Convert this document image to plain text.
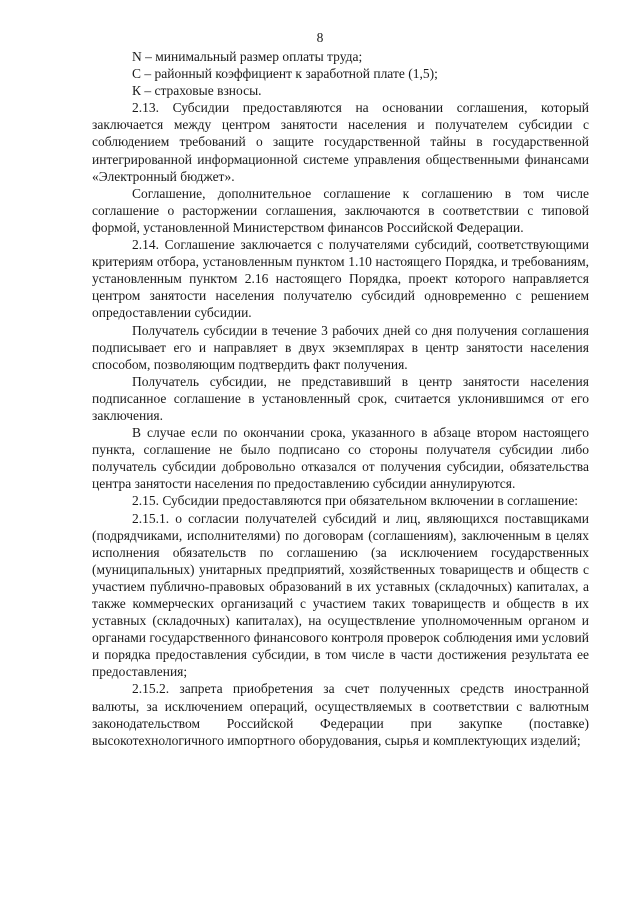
8

N – минимальный размер оплаты труда;

С – районный коэффициент к заработной плате (1,5);

К – страховые взносы.

2.13. Субсидии предоставляются на основании соглашения, который заключается между центром занятости населения и получателем субсидии с соблюдением требований о защите государственной тайны в государственной интегрированной информационной системе управления общественными финансами «Электронный бюджет».

Соглашение, дополнительное соглашение к соглашению в том числе соглашение о расторжении соглашения, заключаются в соответствии с типовой формой, установленной Министерством финансов Российской Федерации.

2.14. Соглашение заключается с получателями субсидий, соответствующими критериям отбора, установленным пунктом 1.10 настоящего Порядка, и требованиям, установленным пунктом 2.16 настоящего Порядка, проект которого направляется центром занятости населения получателю субсидий одновременно с решением опредоставлении субсидии.

Получатель субсидии в течение 3 рабочих дней со дня получения соглашения подписывает его и направляет в двух экземплярах в центр занятости населения способом, позволяющим подтвердить факт получения.

Получатель субсидии, не представивший в центр занятости населения подписанное соглашение в установленный срок, считается уклонившимся от его заключения.

В случае если по окончании срока, указанного в абзаце втором настоящего пункта, соглашение не было подписано со стороны получателя субсидии либо получатель субсидии добровольно отказался от получения субсидии, обязательства центра занятости населения по предоставлению субсидии аннулируются.

2.15. Субсидии предоставляются при обязательном включении в соглашение:

2.15.1. о согласии получателей субсидий и лиц, являющихся поставщиками (подрядчиками, исполнителями) по договорам (соглашениям), заключенным в целях исполнения обязательств по соглашению (за исключением государственных (муниципальных) унитарных предприятий, хозяйственных товариществ и обществ с участием публично-правовых образований в их уставных (складочных) капиталах, а также коммерческих организаций с участием таких товариществ и обществ в их уставных (складочных) капиталах), на осуществление уполномоченным органом и органами государственного финансового контроля проверок соблюдения ими условий и порядка предоставления субсидии, в том числе в части достижения результата ее предоставления;

2.15.2. запрета приобретения за счет полученных средств иностранной валюты, за исключением операций, осуществляемых в соответствии с валютным законодательством Российской Федерации при закупке (поставке) высокотехнологичного импортного оборудования, сырья и комплектующих изделий;
